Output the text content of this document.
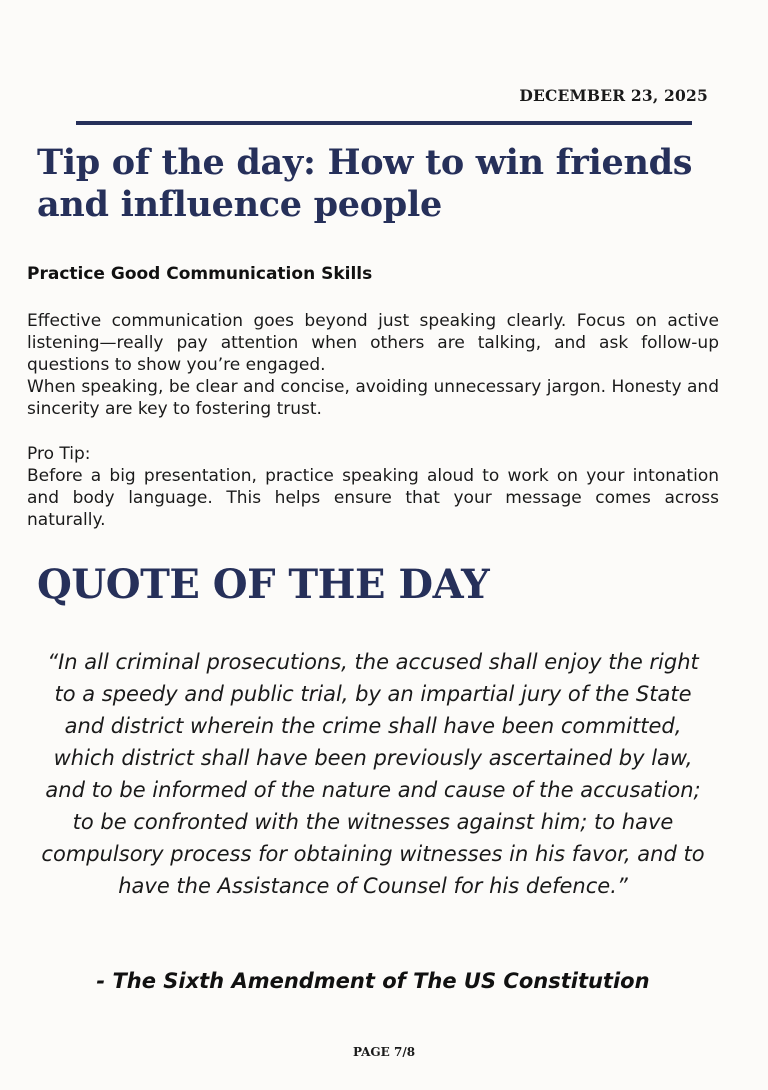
DECEMBER 23, 2025
Tip of the day: How to win friends and influence people
Practice Good Communication Skills

Effective communication goes beyond just speaking clearly. Focus on active listening—really pay attention when others are talking, and ask follow-up questions to show you’re engaged.

When speaking, be clear and concise, avoiding unnecessary jargon. Honesty and sincerity are key to fostering trust.

Pro Tip:

Before a big presentation, practice speaking aloud to work on your intonation and body language. This helps ensure that your message comes across naturally.

QUOTE OF THE DAY

“In all criminal prosecutions, the accused shall enjoy the right to a speedy and public trial, by an impartial jury of the State and district wherein the crime shall have been committed, which district shall have been previously ascertained by law, and to be informed of the nature and cause of the accusation; to be confronted with the witnesses against him; to have compulsory process for obtaining witnesses in his favor, and to have the Assistance of Counsel for his defence.”

- The Sixth Amendment of The US Constitution

PAGE 7/8
